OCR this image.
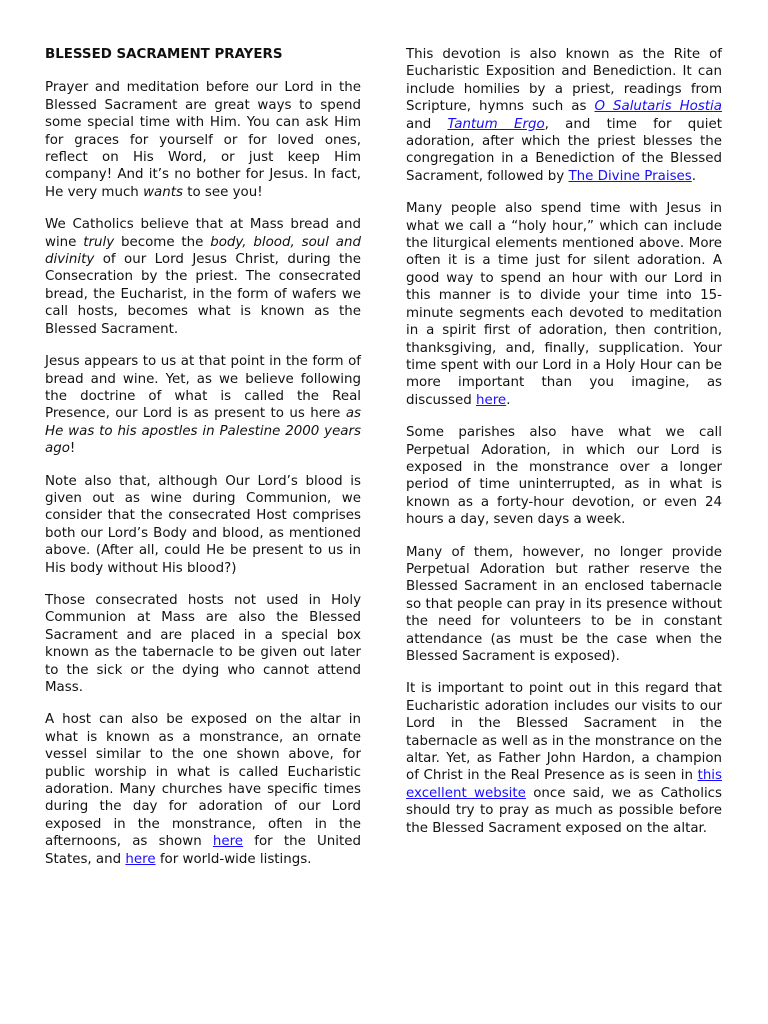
BLESSED SACRAMENT PRAYERS

Prayer and meditation before our Lord in the Blessed Sacrament are great ways to spend some special time with Him. You can ask Him for graces for yourself or for loved ones, reflect on His Word, or just keep Him company! And it’s no bother for Jesus. In fact, He very much wants to see you!

We Catholics believe that at Mass bread and wine truly become the body, blood, soul and divinity of our Lord Jesus Christ, during the Consecration by the priest. The consecrated bread, the Eucharist, in the form of wafers we call hosts, becomes what is known as the Blessed Sacrament.

Jesus appears to us at that point in the form of bread and wine. Yet, as we believe following the doctrine of what is called the Real Presence, our Lord is as present to us here as He was to his apostles in Palestine 2000 years ago!

Note also that, although Our Lord’s blood is given out as wine during Communion, we consider that the consecrated Host comprises both our Lord’s Body and blood, as mentioned above. (After all, could He be present to us in His body without His blood?)

Those consecrated hosts not used in Holy Communion at Mass are also the Blessed Sacrament and are placed in a special box known as the tabernacle to be given out later to the sick or the dying who cannot attend Mass.

A host can also be exposed on the altar in what is known as a monstrance, an ornate vessel similar to the one shown above, for public worship in what is called Eucharistic adoration. Many churches have specific times during the day for adoration of our Lord exposed in the monstrance, often in the afternoons, as shown here for the United States, and here for world-wide listings.

This devotion is also known as the Rite of Eucharistic Exposition and Benediction. It can include homilies by a priest, readings from Scripture, hymns such as O Salutaris Hostia and Tantum Ergo, and time for quiet adoration, after which the priest blesses the congregation in a Benediction of the Blessed Sacrament, followed by The Divine Praises.

Many people also spend time with Jesus in what we call a “holy hour,” which can include the liturgical elements mentioned above. More often it is a time just for silent adoration. A good way to spend an hour with our Lord in this manner is to divide your time into 15-minute segments each devoted to meditation in a spirit first of adoration, then contrition, thanksgiving, and, finally, supplication. Your time spent with our Lord in a Holy Hour can be more important than you imagine, as discussed here.

Some parishes also have what we call Perpetual Adoration, in which our Lord is exposed in the monstrance over a longer period of time uninterrupted, as in what is known as a forty-hour devotion, or even 24 hours a day, seven days a week.

Many of them, however, no longer provide Perpetual Adoration but rather reserve the Blessed Sacrament in an enclosed tabernacle so that people can pray in its presence without the need for volunteers to be in constant attendance (as must be the case when the Blessed Sacrament is exposed).

It is important to point out in this regard that Eucharistic adoration includes our visits to our Lord in the Blessed Sacrament in the tabernacle as well as in the monstrance on the altar. Yet, as Father John Hardon, a champion of Christ in the Real Presence as is seen in this excellent website once said, we as Catholics should try to pray as much as possible before the Blessed Sacrament exposed on the altar.
